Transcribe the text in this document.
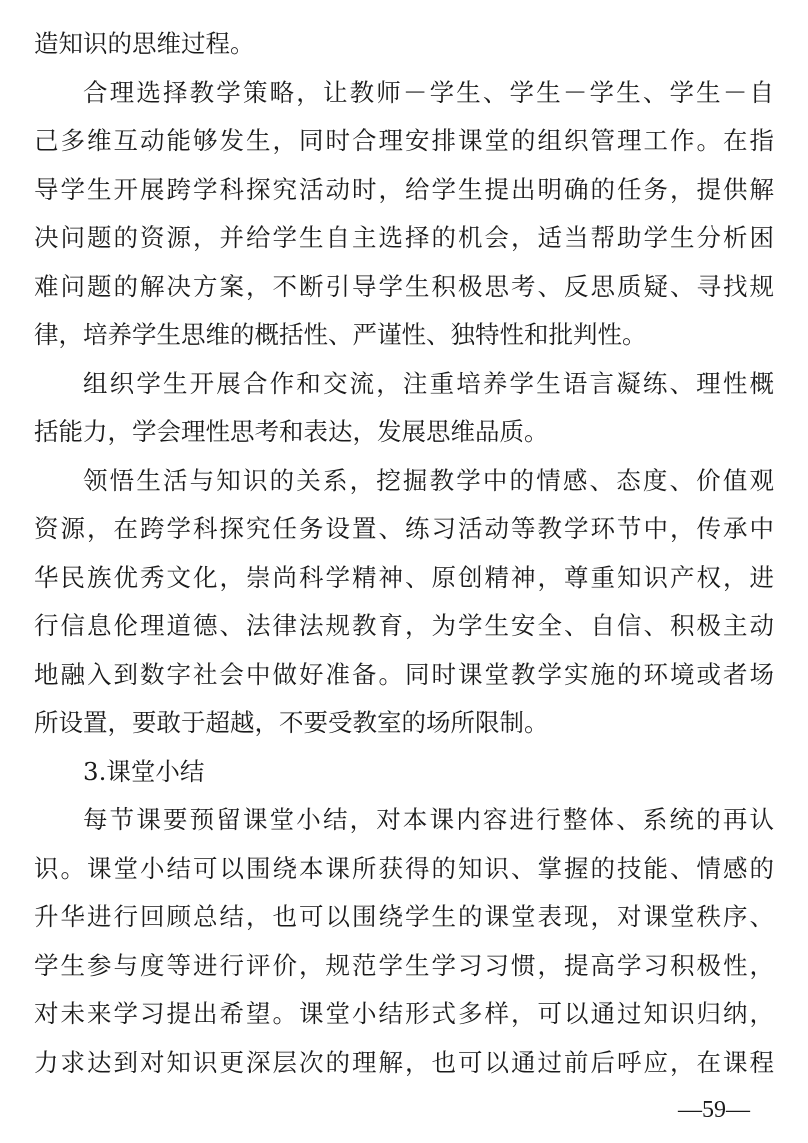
造知识的思维过程。
合理选择教学策略，让教师－学生、学生－学生、学生－自
己多维互动能够发生，同时合理安排课堂的组织管理工作。在指
导学生开展跨学科探究活动时，给学生提出明确的任务，提供解
决问题的资源，并给学生自主选择的机会，适当帮助学生分析困
难问题的解决方案，不断引导学生积极思考、反思质疑、寻找规
律，培养学生思维的概括性、严谨性、独特性和批判性。
组织学生开展合作和交流，注重培养学生语言凝练、理性概
括能力，学会理性思考和表达，发展思维品质。
领悟生活与知识的关系，挖掘教学中的情感、态度、价值观
资源，在跨学科探究任务设置、练习活动等教学环节中，传承中
华民族优秀文化，崇尚科学精神、原创精神，尊重知识产权，进
行信息伦理道德、法律法规教育，为学生安全、自信、积极主动
地融入到数字社会中做好准备。同时课堂教学实施的环境或者场
所设置，要敢于超越，不要受教室的场所限制。
3.课堂小结
每节课要预留课堂小结，对本课内容进行整体、系统的再认
识。课堂小结可以围绕本课所获得的知识、掌握的技能、情感的
升华进行回顾总结，也可以围绕学生的课堂表现，对课堂秩序、
学生参与度等进行评价，规范学生学习习惯，提高学习积极性，
对未来学习提出希望。课堂小结形式多样，可以通过知识归纳，
力求达到对知识更深层次的理解，也可以通过前后呼应，在课程
—59—
